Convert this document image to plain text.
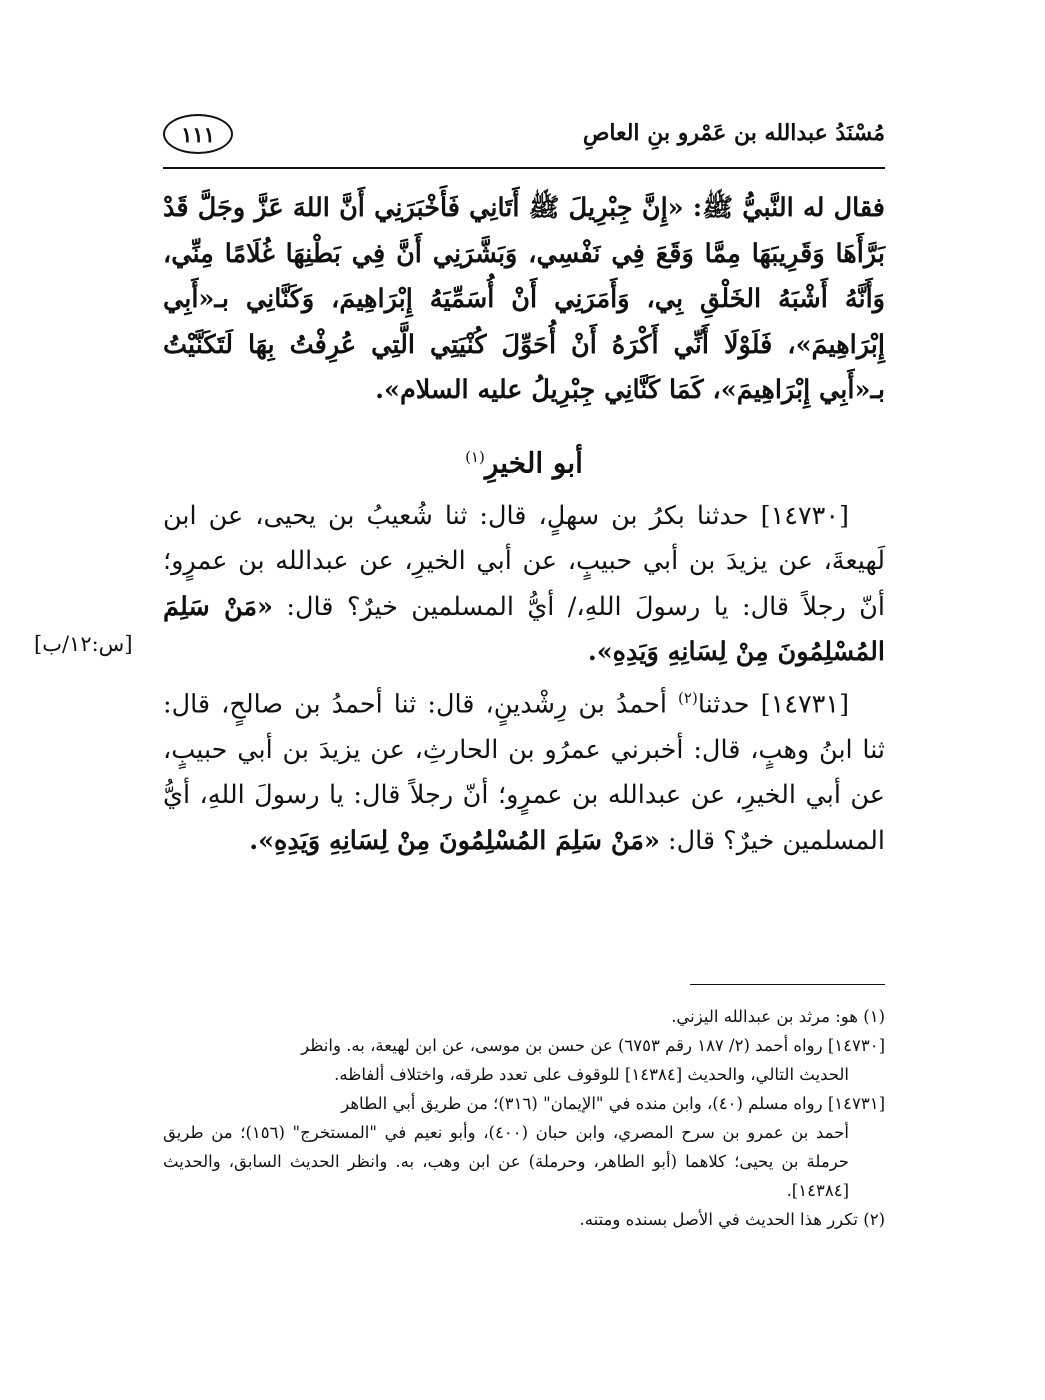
مُسْنَدُ عبدالله بن عَمْرو بنِ العاصِ
١١١

فقال له النَّبيُّ ﷺ: «إِنَّ جِبْرِيلَ ﷺ أَتَانِي فَأَخْبَرَنِي أَنَّ اللهَ عَزَّ وجَلَّ قَدْ بَرَّأَهَا وَقَرِيبَهَا مِمَّا وَقَعَ فِي نَفْسِي، وَبَشَّرَنِي أَنَّ فِي بَطْنِهَا غُلَامًا مِنِّي، وَأَنَّهُ أَشْبَهُ الخَلْقِ بِي، وَأَمَرَنِي أَنْ أُسَمِّيَهُ إِبْرَاهِيمَ، وَكَنَّانِي بـ«أَبِي إِبْرَاهِيمَ»، فَلَوْلَا أَنِّي أَكْرَهُ أَنْ أُحَوِّلَ كُنْيَتِي الَّتِي عُرِفْتُ بِهَا لَتَكَنَّيْتُ بـ«أَبِي إِبْرَاهِيمَ»، كَمَا كَنَّانِي جِبْرِيلُ عليه السلام».

أبو الخيرِ$^{(١)}$

[١٤٧٣٠] حدثنا بكرُ بن سهلٍ، قال: ثنا شُعيبُ بن يحيى، عن ابن لَهيعةَ، عن يزيدَ بن أبي حبيبٍ، عن أبي الخيرِ، عن عبدالله بن عمرٍو؛ أنّ رجلاً قال: يا رسولَ اللهِ،/ أيُّ المسلمين خيرٌ؟ قال: «مَنْ سَلِمَ المُسْلِمُونَ مِنْ لِسَانِهِ وَيَدِهِ».

[١٤٧٣١] حدثنا$^{(٢)}$ أحمدُ بن رِشْدينٍ، قال: ثنا أحمدُ بن صالحٍ، قال: ثنا ابنُ وهبٍ، قال: أخبرني عمرُو بن الحارثِ، عن يزيدَ بن أبي حبيبٍ، عن أبي الخيرِ، عن عبدالله بن عمرٍو؛ أنّ رجلاً قال: يا رسولَ اللهِ، أيُّ المسلمين خيرٌ؟ قال: «مَنْ سَلِمَ المُسْلِمُونَ مِنْ لِسَانِهِ وَيَدِهِ».

[س:١٢/ب]

(١) هو: مرثد بن عبدالله اليزني.

[١٤٧٣٠] رواه أحمد (٢/ ١٨٧ رقم ٦٧٥٣) عن حسن بن موسى، عن ابن لهيعة، به. وانظر
الحديث التالي، والحديث [١٤٣٨٤] للوقوف على تعدد طرقه، واختلاف ألفاظه.

[١٤٧٣١] رواه مسلم (٤٠)، وابن منده في "الإيمان" (٣١٦)؛ من طريق أبي الطاهر
أحمد بن عمرو بن سرح المصري، وابن حبان (٤٠٠)، وأبو نعيم في "المستخرج" (١٥٦)؛ من طريق حرملة بن يحيى؛ كلاهما (أبو الطاهر، وحرملة) عن ابن وهب، به. وانظر الحديث السابق، والحديث [١٤٣٨٤].

(٢) تكرر هذا الحديث في الأصل بسنده ومتنه.
